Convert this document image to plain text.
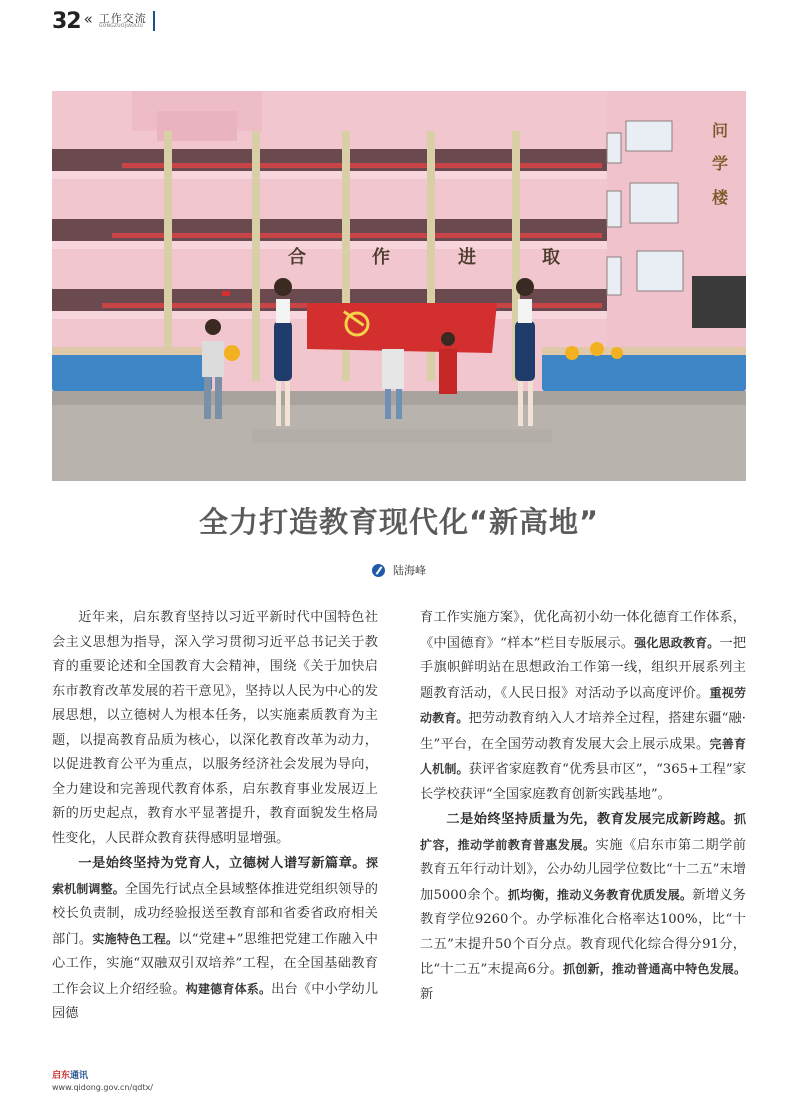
32 « 工作交流
GONGZUOJIAOLIU
问
学
楼
合	作	进	取
全力打造教育现代化“新高地”
陆海峰

近年来，启东教育坚持以习近平新时代中国特色社会主义思想为指导，深入学习贯彻习近平总书记关于教育的重要论述和全国教育大会精神，围绕《关于加快启东市教育改革发展的若干意见》，坚持以人民为中心的发展思想，以立德树人为根本任务，以实施素质教育为主题，以提高教育品质为核心，以深化教育改革为动力，以促进教育公平为重点，以服务经济社会发展为导向，全力建设和完善现代教育体系，启东教育事业发展迈上新的历史起点，教育水平显著提升，教育面貌发生格局性变化，人民群众教育获得感明显增强。

一是始终坚持为党育人，立德树人谱写新篇章。探索机制调整。全国先行试点全县域整体推进党组织领导的校长负责制，成功经验报送至教育部和省委省政府相关部门。实施特色工程。以“党建+”思维把党建工作融入中心工作，实施“双融双引双培养”工程，在全国基础教育工作会议上介绍经验。构建德育体系。出台《中小学幼儿园德

育工作实施方案》，优化高初小幼一体化德育工作体系，《中国德育》“样本”栏目专版展示。强化思政教育。一把手旗帜鲜明站在思想政治工作第一线，组织开展系列主题教育活动，《人民日报》对活动予以高度评价。重视劳动教育。把劳动教育纳入人才培养全过程，搭建东疆“融·生”平台，在全国劳动教育发展大会上展示成果。完善育人机制。获评省家庭教育“优秀县市区”，“365+工程”家长学校获评“全国家庭教育创新实践基地”。

二是始终坚持质量为先，教育发展完成新跨越。抓扩容，推动学前教育普惠发展。实施《启东市第二期学前教育五年行动计划》，公办幼儿园学位数比“十二五”末增加5000余个。抓均衡，推动义务教育优质发展。新增义务教育学位9260个。办学标准化合格率达100%，比“十二五”末提升50个百分点。教育现代化综合得分91分，比“十二五”末提高6分。抓创新，推动普通高中特色发展。新

启东通讯
www.qidong.gov.cn/qdtx/
